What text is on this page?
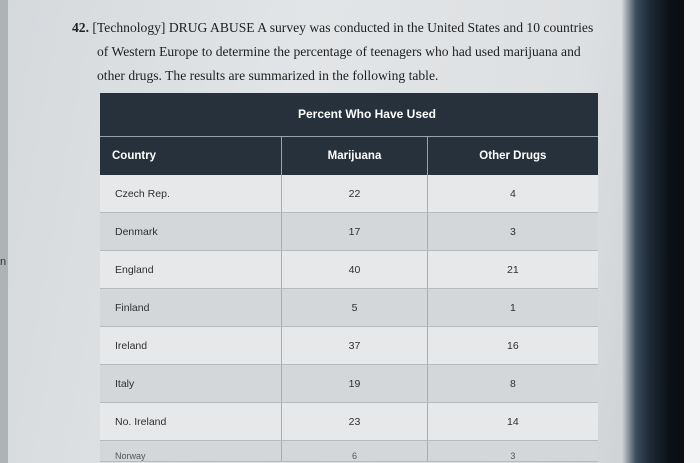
n
42. [Technology] DRUG ABUSE A survey was conducted in the United States and 10 countries
of Western Europe to determine the percentage of teenagers who had used marijuana and
other drugs. The results are summarized in the following table.
Percent Who Have Used
Country	Marijuana	Other Drugs
Czech Rep.	22	4
Denmark	17	3
England	40	21
Finland	5	1
Ireland	37	16
Italy	19	8
No. Ireland	23	14
Norway	6	3
